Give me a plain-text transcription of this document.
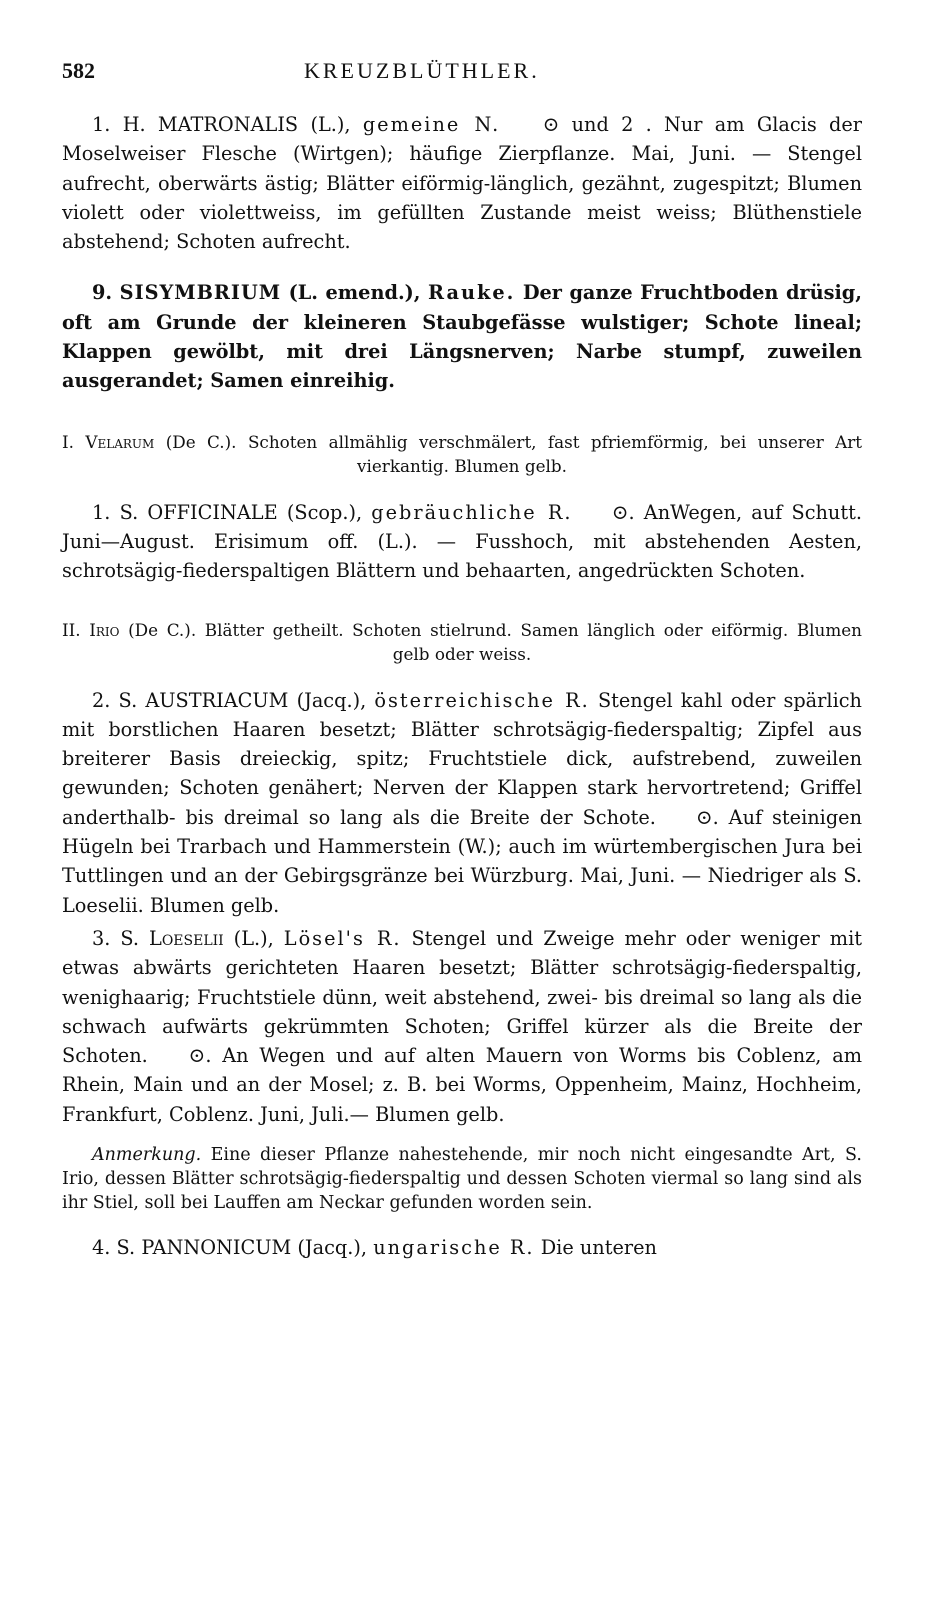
582	KREUZBLÜTHLER.

1. H. MATRONALIS (L.), gemeine N. ⊙ und 2 . Nur am Glacis der Moselweiser Flesche (Wirtgen); häufige Zierpflanze. Mai, Juni. — Stengel aufrecht, oberwärts ästig; Blätter eiförmig-länglich, gezähnt, zugespitzt; Blumen violett oder violettweiss, im gefüllten Zustande meist weiss; Blüthenstiele abstehend; Schoten aufrecht.

9. SISYMBRIUM (L. emend.), Rauke. Der ganze Fruchtboden drüsig, oft am Grunde der kleineren Staubgefässe wulstiger; Schote lineal; Klappen gewölbt, mit drei Längsnerven; Narbe stumpf, zuweilen ausgerandet; Samen einreihig.

I. Velarum (De C.). Schoten allmählig verschmälert, fast pfriemförmig, bei unserer Art vierkantig. Blumen gelb.

1. S. OFFICINALE (Scop.), gebräuchliche R. ⊙. AnWegen, auf Schutt. Juni—August. Erisimum off. (L.). — Fusshoch, mit abstehenden Aesten, schrotsägig-fiederspaltigen Blättern und behaarten, angedrückten Schoten.

II. Irio (De C.). Blätter getheilt. Schoten stielrund. Samen länglich oder eiförmig. Blumen gelb oder weiss.

2. S. AUSTRIACUM (Jacq.), österreichische R. Stengel kahl oder spärlich mit borstlichen Haaren besetzt; Blätter schrotsägig-fiederspaltig; Zipfel aus breiterer Basis dreieckig, spitz; Fruchtstiele dick, aufstrebend, zuweilen gewunden; Schoten genähert; Nerven der Klappen stark hervortretend; Griffel anderthalb- bis dreimal so lang als die Breite der Schote. ⊙. Auf steinigen Hügeln bei Trarbach und Hammerstein (W.); auch im würtembergischen Jura bei Tuttlingen und an der Gebirgsgränze bei Würzburg. Mai, Juni. — Niedriger als S. Loeselii. Blumen gelb.

3. S. Loeselii (L.), Lösel's R. Stengel und Zweige mehr oder weniger mit etwas abwärts gerichteten Haaren besetzt; Blätter schrotsägig-fiederspaltig, wenighaarig; Fruchtstiele dünn, weit abstehend, zwei- bis dreimal so lang als die schwach aufwärts gekrümmten Schoten; Griffel kürzer als die Breite der Schoten. ⊙. An Wegen und auf alten Mauern von Worms bis Coblenz, am Rhein, Main und an der Mosel; z. B. bei Worms, Oppenheim, Mainz, Hochheim, Frankfurt, Coblenz. Juni, Juli.— Blumen gelb.

Anmerkung. Eine dieser Pflanze nahestehende, mir noch nicht eingesandte Art, S. Irio, dessen Blätter schrotsägig-fiederspaltig und dessen Schoten viermal so lang sind als ihr Stiel, soll bei Lauffen am Neckar gefunden worden sein.

4. S. PANNONICUM (Jacq.), ungarische R. Die unteren
